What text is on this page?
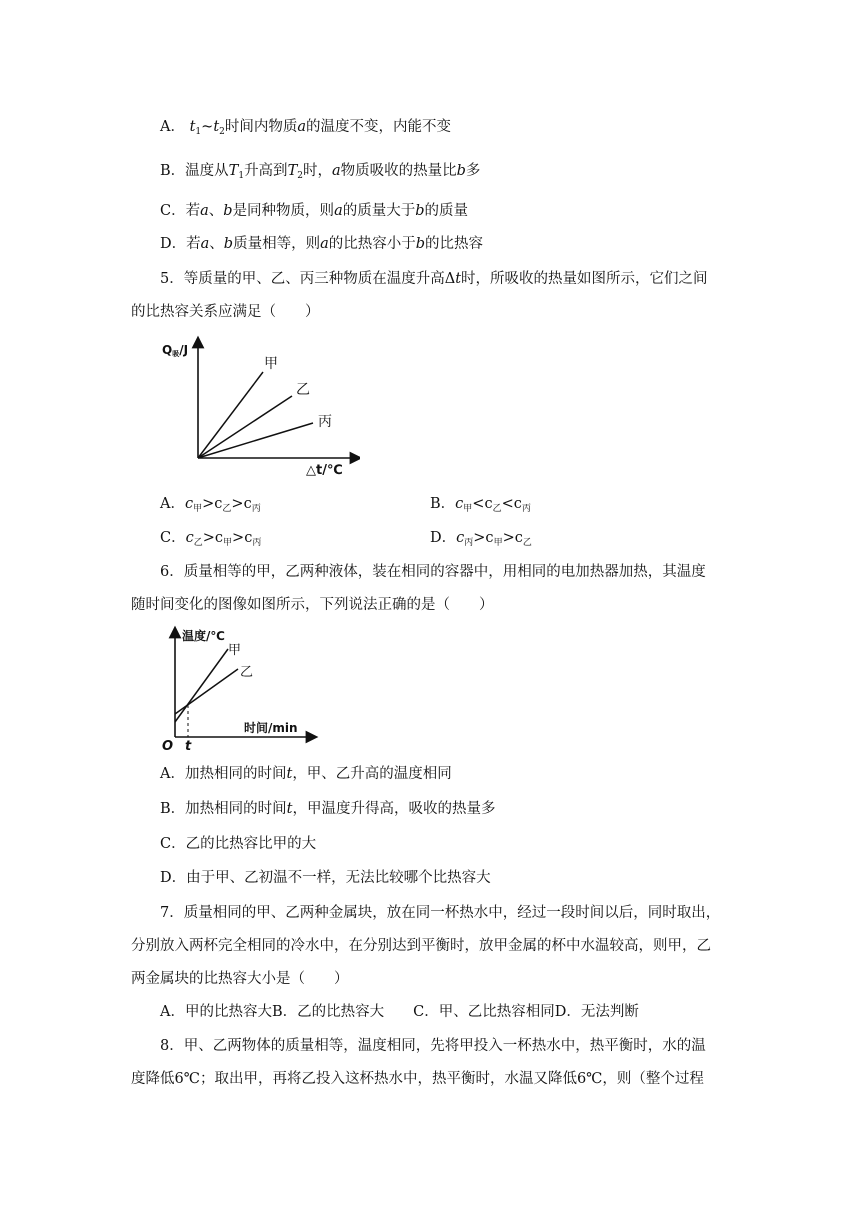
A． $t_1\sim t_2$时间内物质a的温度不变，内能不变
B．温度从$T_1$升高到$T_2$时，a物质吸收的热量比b多
C．若a、b是同种物质，则a的质量大于b的质量
D．若a、b质量相等，则a的比热容小于b的比热容
5．等质量的甲、乙、丙三种物质在温度升高Δt时，所吸收的热量如图所示，它们之间
的比热容关系应满足（　　）
Q吸/J
△t/℃
甲
乙
丙
A．$c_甲>c_乙>c_丙$	B．$c_甲<c_乙<c_丙$
C．$c_乙>c_甲>c_丙$	D．$c_丙>c_甲>c_乙$
6．质量相等的甲，乙两种液体，装在相同的容器中，用相同的电加热器加热，其温度
随时间变化的图像如图所示，下列说法正确的是（　　）
温度/℃
时间/min
O t
甲
乙
A．加热相同的时间t，甲、乙升高的温度相同
B．加热相同的时间t，甲温度升得高，吸收的热量多
C．乙的比热容比甲的大
D．由于甲、乙初温不一样，无法比较哪个比热容大
7．质量相同的甲、乙两种金属块，放在同一杯热水中，经过一段时间以后，同时取出，
分别放入两杯完全相同的冷水中，在分别达到平衡时，放甲金属的杯中水温较高，则甲，乙
两金属块的比热容大小是（　　）
A．甲的比热容大B．乙的比热容大　　C．甲、乙比热容相同D．无法判断
8．甲、乙两物体的质量相等，温度相同，先将甲投入一杯热水中，热平衡时，水的温
度降低6℃；取出甲，再将乙投入这杯热水中，热平衡时，水温又降低6℃，则（整个过程
